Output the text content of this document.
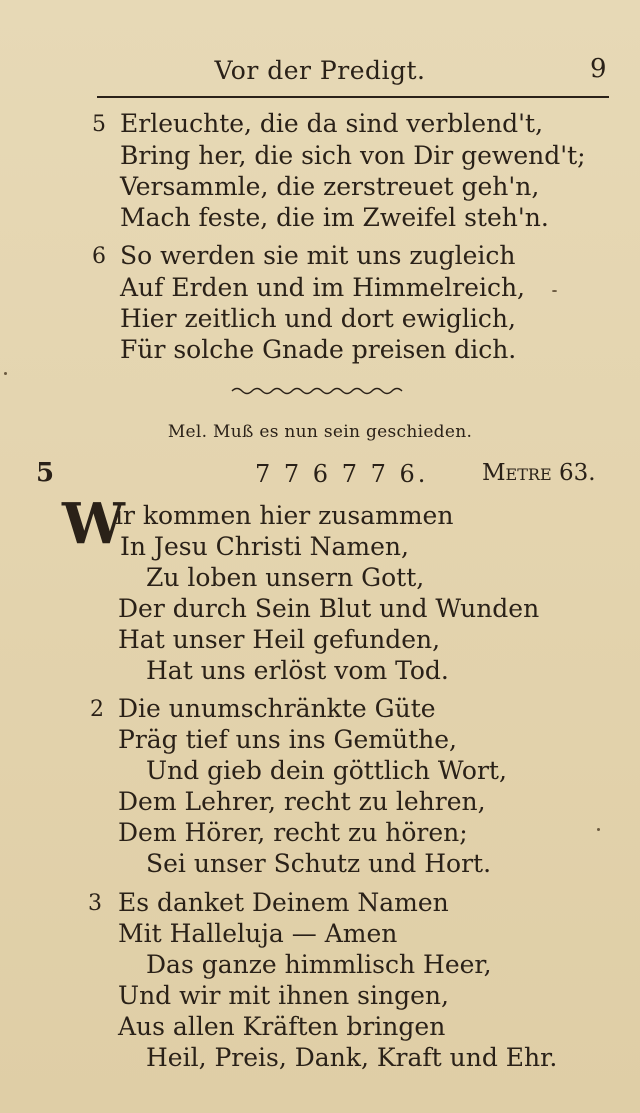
Vor der Predigt.	9
5 Erleuchte, die da sind verblend't,
Bring her, die sich von Dir gewend't;
Versammle, die zerstreuet geh'n,
Mach feste, die im Zweifel steh'n.
6 So werden sie mit uns zugleich
Auf Erden und im Himmelreich,
Hier zeitlich und dort ewiglich,
Für solche Gnade preisen dich.
Mel. Muß es nun sein geschieden.
5	7 7 6 7 7 6. Metre 63.
W
ir kommen hier zusammen
In Jesu Christi Namen,
Zu loben unsern Gott,
Der durch Sein Blut und Wunden
Hat unser Heil gefunden,
Hat uns erlöst vom Tod.
2 Die unumschränkte Güte
Präg tief uns ins Gemüthe,
Und gieb dein göttlich Wort,
Dem Lehrer, recht zu lehren,
Dem Hörer, recht zu hören;
Sei unser Schutz und Hort.
3 Es danket Deinem Namen
Mit Halleluja — Amen
Das ganze himmlisch Heer,
Und wir mit ihnen singen,
Aus allen Kräften bringen
Heil, Preis, Dank, Kraft und Ehr.
